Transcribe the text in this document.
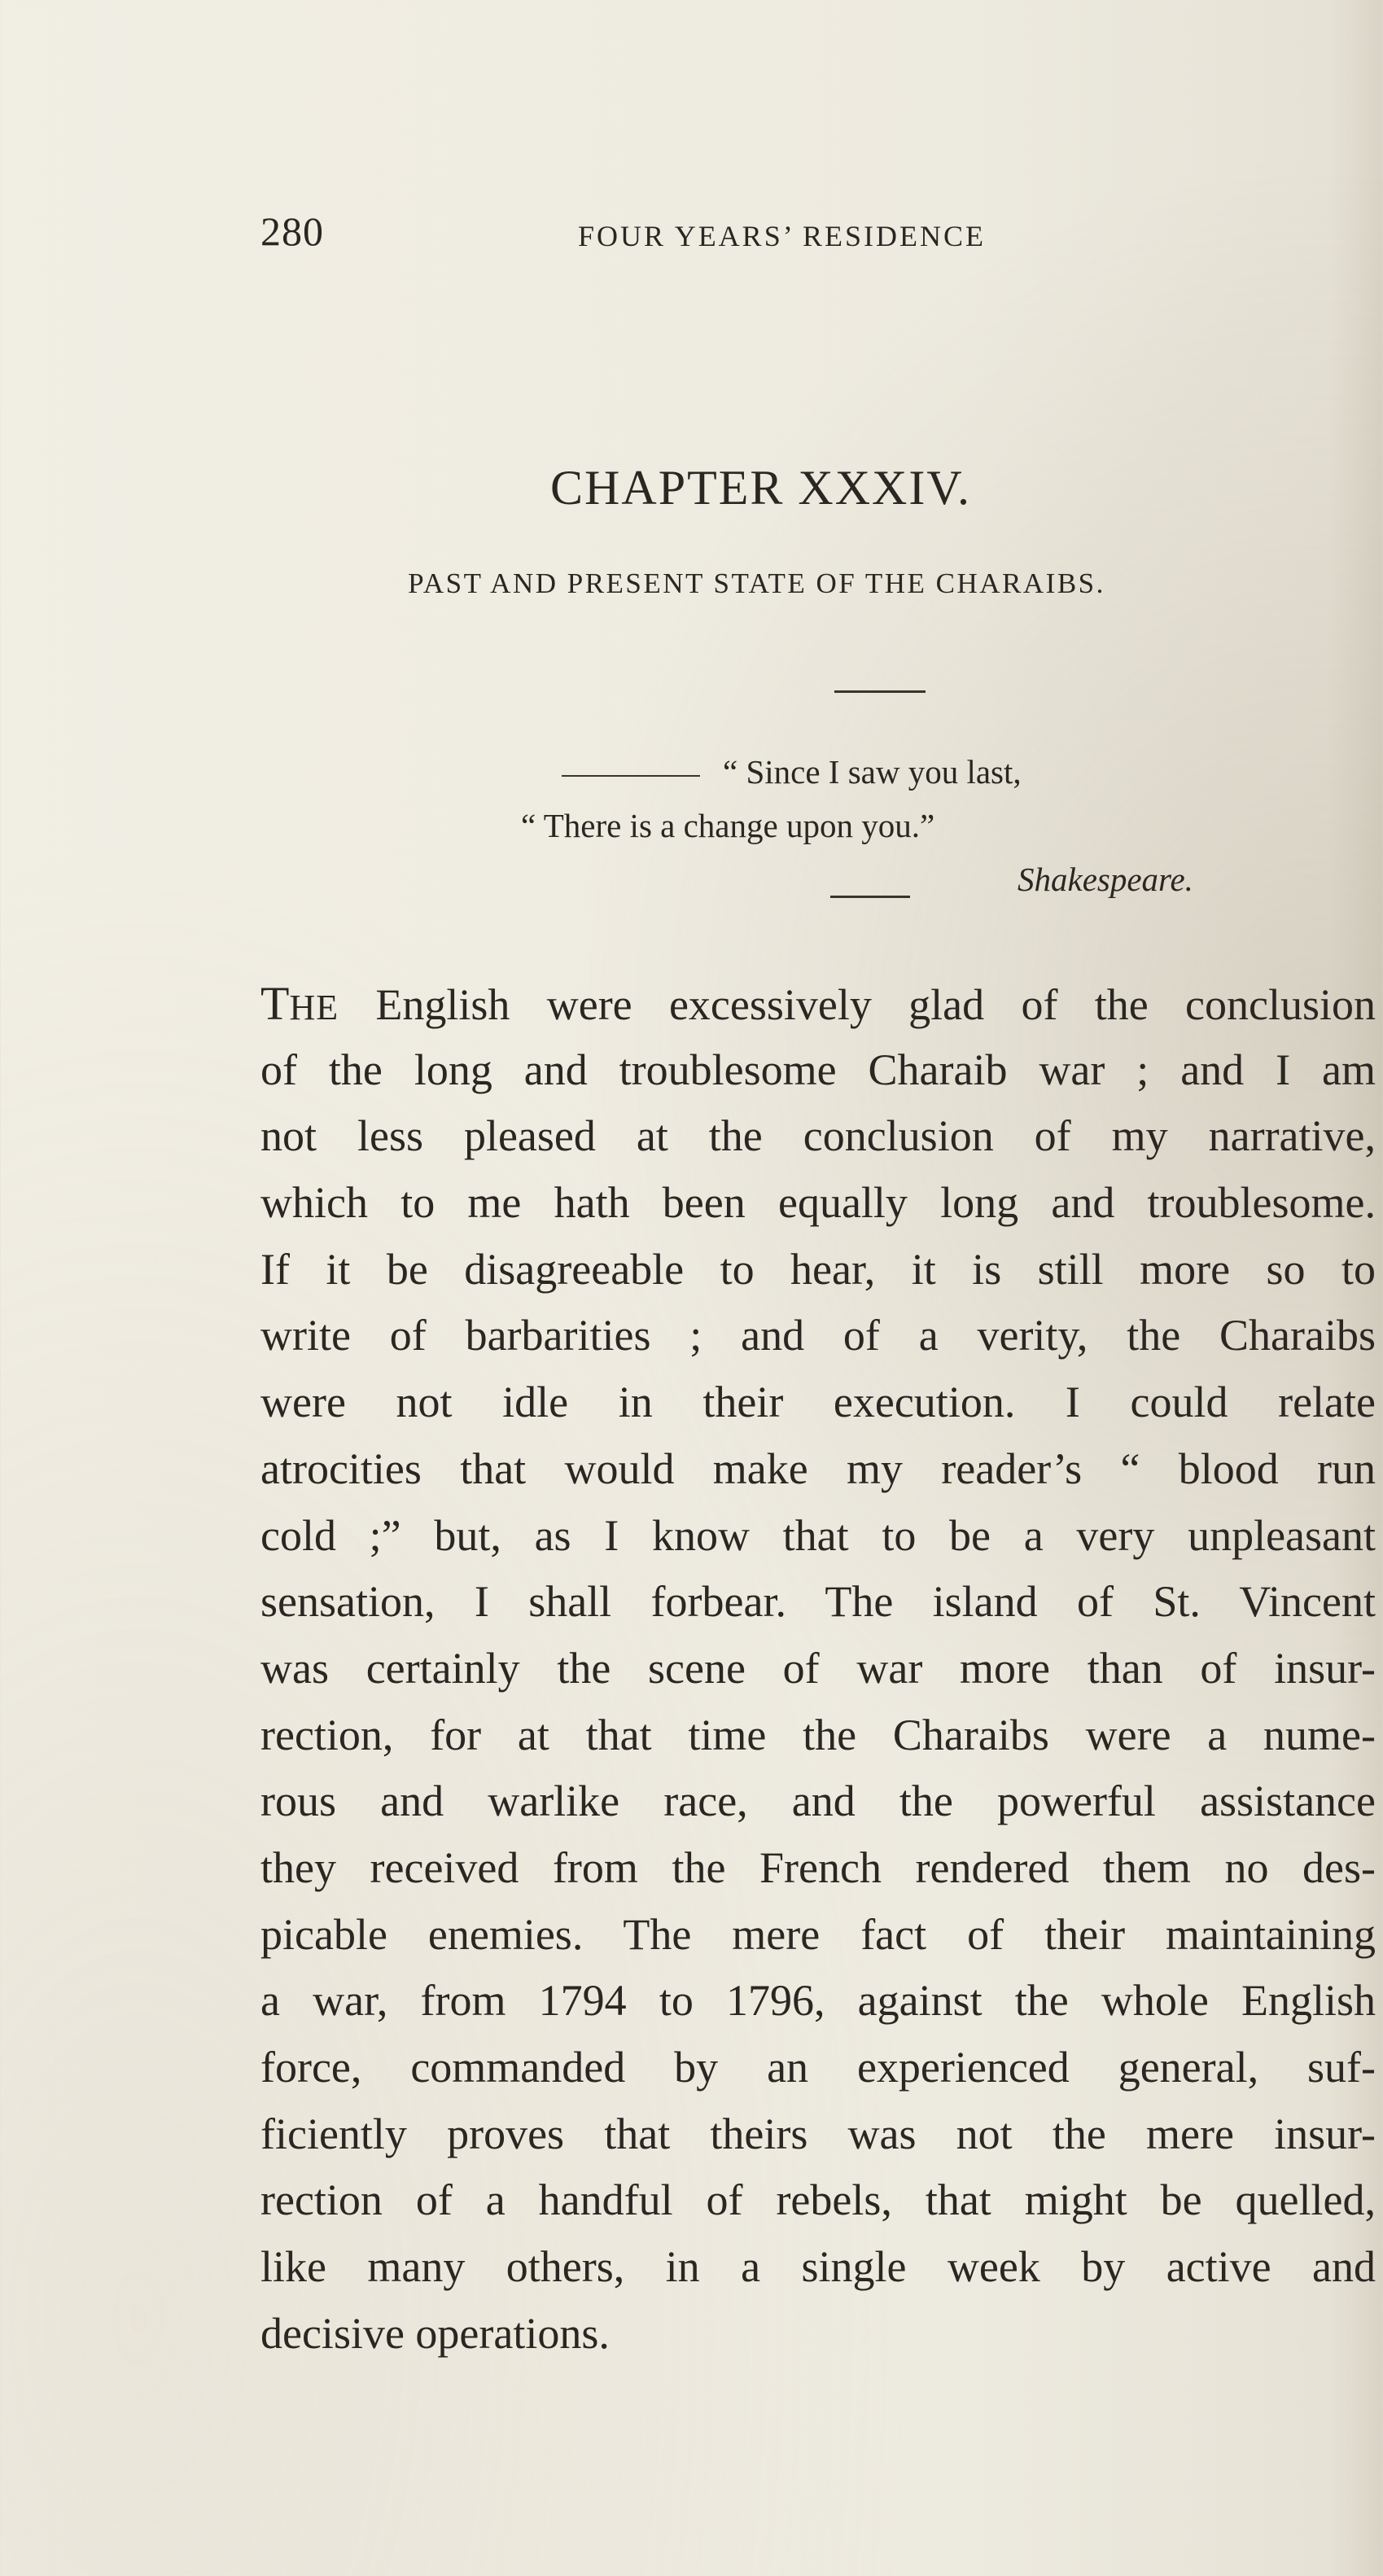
280	FOUR YEARS’ RESIDENCE
CHAPTER XXXIV.
PAST AND PRESENT STATE OF THE CHARAIBS.
“ Since I saw you last,
“ There is a change upon you.”
Shakespeare.
THE English were excessively glad of the conclusion
of the long and troublesome Charaib war ; and I am
not less pleased at the conclusion of my narrative,
which to me hath been equally long and troublesome.
If it be disagreeable to hear, it is still more so to
write of barbarities ; and of a verity, the Charaibs
were not idle in their execution. I could relate
atrocities that would make my reader’s “ blood run
cold ;” but, as I know that to be a very unpleasant
sensation, I shall forbear. The island of St. Vincent
was certainly the scene of war more than of insur-
rection, for at that time the Charaibs were a nume-
rous and warlike race, and the powerful assistance
they received from the French rendered them no des-
picable enemies. The mere fact of their maintaining
a war, from 1794 to 1796, against the whole English
force, commanded by an experienced general, suf-
ficiently proves that theirs was not the mere insur-
rection of a handful of rebels, that might be quelled,
like many others, in a single week by active and
decisive operations.
